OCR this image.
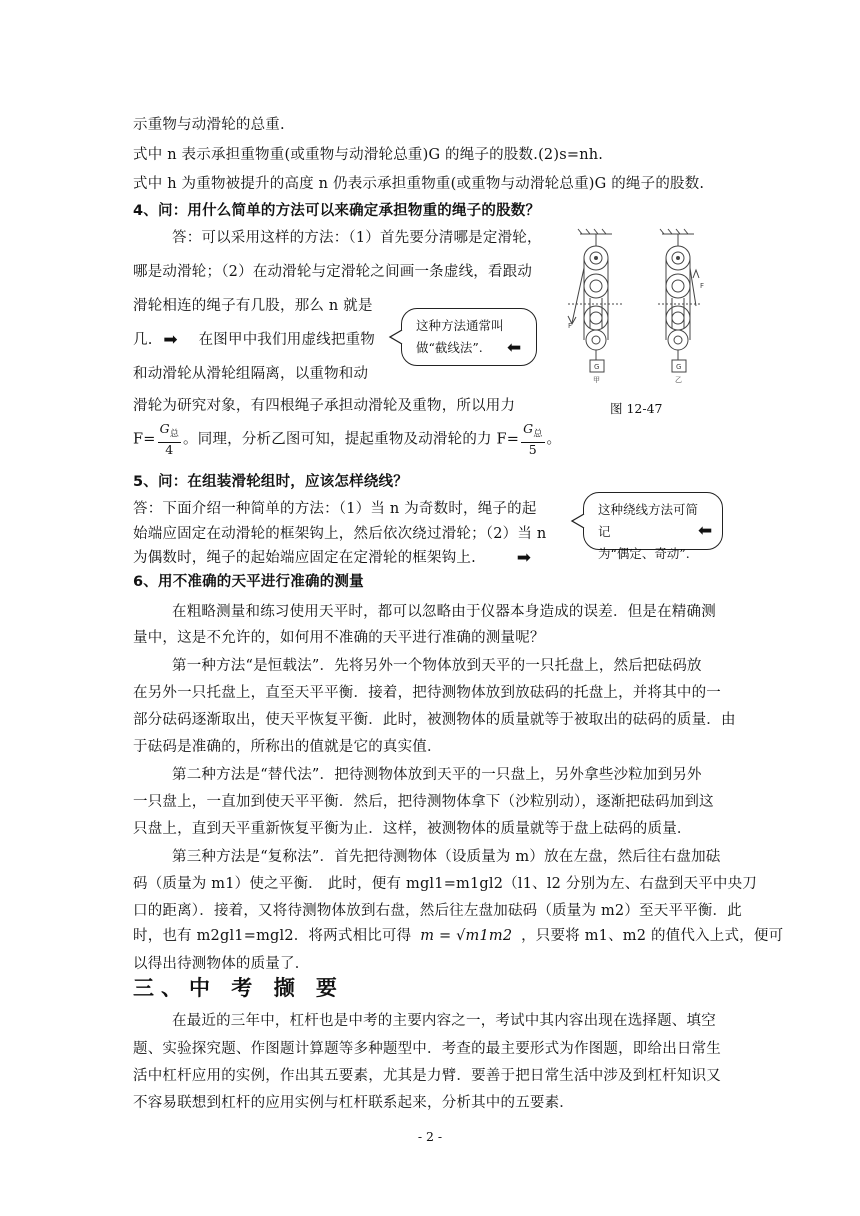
示重物与动滑轮的总重.
式中 n 表示承担重物重(或重物与动滑轮总重)G 的绳子的股数.(2)s=nh.
式中 h 为重物被提升的高度 n 仍表示承担重物重(或重物与动滑轮总重)G 的绳子的股数.
4、问：用什么简单的方法可以来确定承担物重的绳子的股数？
答：可以采用这样的方法：（1）首先要分清哪是定滑轮，
哪是动滑轮；（2）在动滑轮与定滑轮之间画一条虚线，看跟动
滑轮相连的绳子有几股，那么 n 就是
几. ➡ 在图甲中我们用虚线把重物
和动滑轮从滑轮组隔离，以重物和动
滑轮为研究对象，有四根绳子承担动滑轮及重物，所以用力
$F= \frac{G_总}{4}$ 。同理，分析乙图可知，提起重物及动滑轮的力 $F= \frac{G_总}{5}$ 。
这种方法通常叫
做“截线法”.	⬅
G	G
F
F
甲	乙
图 12-47
5、问：在组装滑轮组时，应该怎样绕线？
答：下面介绍一种简单的方法：（1）当 n 为奇数时，绳子的起
始端应固定在动滑轮的框架钩上，然后依次绕过滑轮；（2）当 n
为偶数时，绳子的起始端应固定在定滑轮的框架钩上. ➡
这种绕线方法可简记
为“偶定、奇动”.
⬅
6、用不准确的天平进行准确的测量
在粗略测量和练习使用天平时，都可以忽略由于仪器本身造成的误差．但是在精确测
量中，这是不允许的，如何用不准确的天平进行准确的测量呢？
第一种方法“是恒载法”．先将另外一个物体放到天平的一只托盘上，然后把砝码放
在另外一只托盘上，直至天平平衡．接着，把待测物体放到放砝码的托盘上，并将其中的一
部分砝码逐渐取出，使天平恢复平衡．此时，被测物体的质量就等于被取出的砝码的质量．由
于砝码是准确的，所称出的值就是它的真实值．
第二种方法是“替代法”．把待测物体放到天平的一只盘上，另外拿些沙粒加到另外
一只盘上，一直加到使天平平衡．然后，把待测物体拿下（沙粒别动），逐渐把砝码加到这
只盘上，直到天平重新恢复平衡为止．这样，被测物体的质量就等于盘上砝码的质量．
第三种方法是“复称法”．首先把待测物体（设质量为 m）放在左盘，然后往右盘加砝
码（质量为 m1）使之平衡． 此时，便有 mgl1=m1gl2（l1、l2 分别为左、右盘到天平中央刀
口的距离）．接着，又将待测物体放到右盘，然后往左盘加砝码（质量为 m2）至天平平衡．此
时，也有 m2gl1=mgl2．将两式相比可得 m = √m1m2 ，只要将 m1、m2 的值代入上式，便可
以得出待测物体的质量了．
三、中 考 撷 要
在最近的三年中，杠杆也是中考的主要内容之一，考试中其内容出现在选择题、填空
题、实验探究题、作图题计算题等多种题型中．考查的最主要形式为作图题，即给出日常生
活中杠杆应用的实例，作出其五要素，尤其是力臂．要善于把日常生活中涉及到杠杆知识又
不容易联想到杠杆的应用实例与杠杆联系起来，分析其中的五要素．
- 2 -
